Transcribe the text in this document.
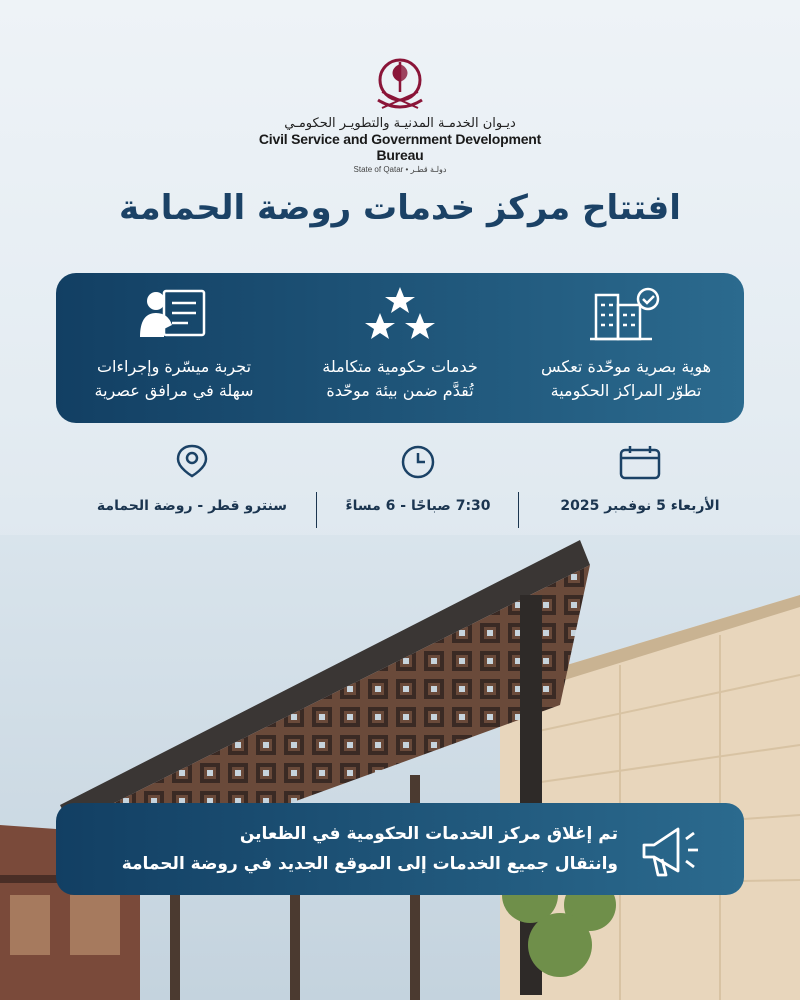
ديـوان الخدمـة المدنيـة والتطويـر الحكومـي
Civil Service and Government Development Bureau
State of Qatar • دولـة قطـر
افتتاح مركز خدمات روضة الحمامة
هوية بصرية موحّدة تعكس
تطوّر المراكز الحكومية
خدمات حكومية متكاملة
تُقدَّم ضمن بيئة موحّدة
تجربة ميسّرة وإجراءات
سهلة في مرافق عصرية
الأربعاء 5 نوفمبر 2025
7:30 صباحًا - 6 مساءً
سنترو قطر - روضة الحمامة
تم إغلاق مركز الخدمات الحكومية في الظعاين
وانتقال جميع الخدمات إلى الموقع الجديد في روضة الحمامة
